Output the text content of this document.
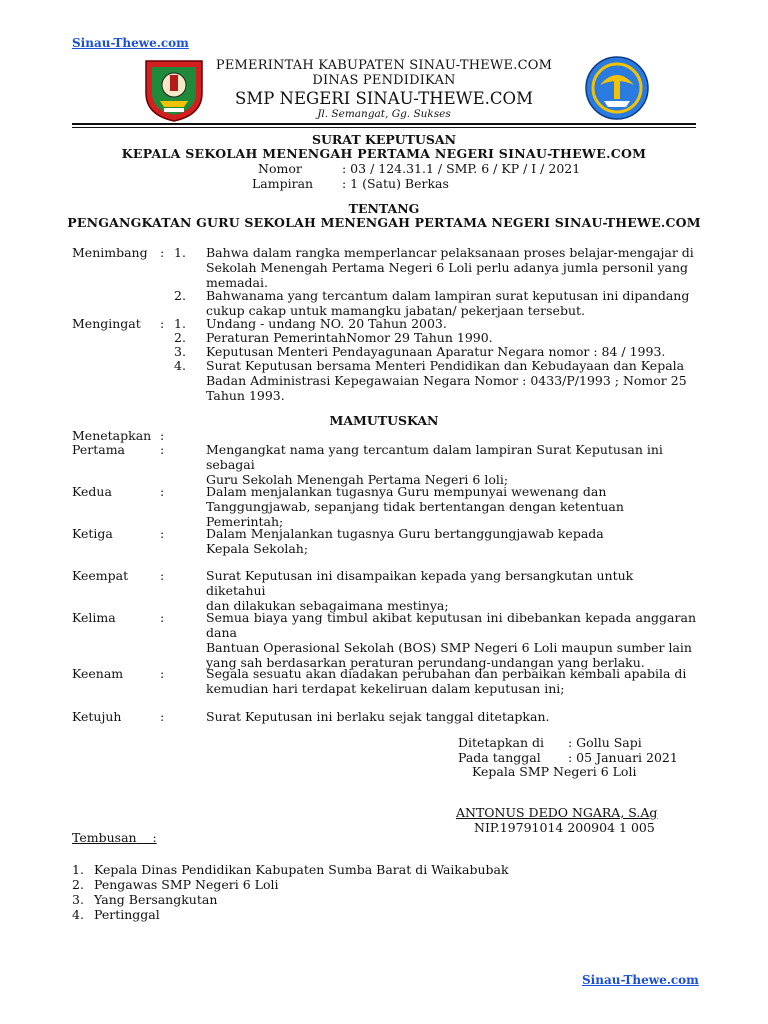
Sinau-Thewe.com
PEMERINTAH KABUPATEN SINAU-THEWE.COM
DINAS PENDIDIKAN
SMP NEGERI SINAU-THEWE.COM
Jl. Semangat, Gg. Sukses
SURAT KEPUTUSAN
KEPALA SEKOLAH MENENGAH PERTAMA NEGERI SINAU-THEWE.COM
Nomor	: 03 / 124.31.1 / SMP. 6 / KP / I / 2021
Lampiran : 1 (Satu) Berkas
TENTANG
PENGANGKATAN GURU SEKOLAH MENENGAH PERTAMA NEGERI SINAU-THEWE.COM
Menimbang : 1. Bahwa dalam rangka memperlancar pelaksanaan proses belajar-mengajar di
Sekolah Menengah Pertama Negeri 6 Loli perlu adanya jumla personil yang
memadai.
2. Bahwanama yang tercantum dalam lampiran surat keputusan ini dipandang
cukup cakap untuk mamangku jabatan/ pekerjaan tersebut.
Mengingat : 1. Undang - undang NO. 20 Tahun 2003.
2. Peraturan PemerintahNomor 29 Tahun 1990.
3. Keputusan Menteri Pendayagunaan Aparatur Negara nomor : 84 / 1993.
4. Surat Keputusan bersama Menteri Pendidikan dan Kebudayaan dan Kepala
Badan Administrasi Kepegawaian Negara Nomor : 0433/P/1993 ; Nomor 25
Tahun 1993.
MAMUTUSKAN
Menetapkan :
Pertama	:	Mengangkat nama yang tercantum dalam lampiran Surat Keputusan ini sebagai
Guru Sekolah Menengah Pertama Negeri 6 loli;
Kedua	:	Dalam menjalankan tugasnya Guru mempunyai wewenang dan
Tanggungjawab, sepanjang tidak bertentangan dengan ketentuan Pemerintah;
Ketiga	:	Dalam Menjalankan tugasnya Guru bertanggungjawab kepada
Kepala Sekolah;
Keempat	:	Surat Keputusan ini disampaikan kepada yang bersangkutan untuk diketahui
dan dilakukan sebagaimana mestinya;
Kelima	:	Semua biaya yang timbul akibat keputusan ini dibebankan kepada anggaran dana
Bantuan Operasional Sekolah (BOS) SMP Negeri 6 Loli maupun sumber lain
yang sah berdasarkan peraturan perundang-undangan yang berlaku.
Keenam	:	Segala sesuatu akan diadakan perubahan dan perbaikan kembali apabila di
kemudian hari terdapat kekeliruan dalam keputusan ini;
Ketujuh	:	Surat Keputusan ini berlaku sejak tanggal ditetapkan.
Ditetapkan di : Gollu Sapi
Pada tanggal : 05 Januari 2021
Kepala SMP Negeri 6 Loli
ANTONUS DEDO NGARA, S.Ag
NIP.19791014 200904 1 005
Tembusan    :
1. Kepala Dinas Pendidikan Kabupaten Sumba Barat di Waikabubak
2. Pengawas SMP Negeri 6 Loli
3. Yang Bersangkutan
4. Pertinggal
Sinau-Thewe.com
